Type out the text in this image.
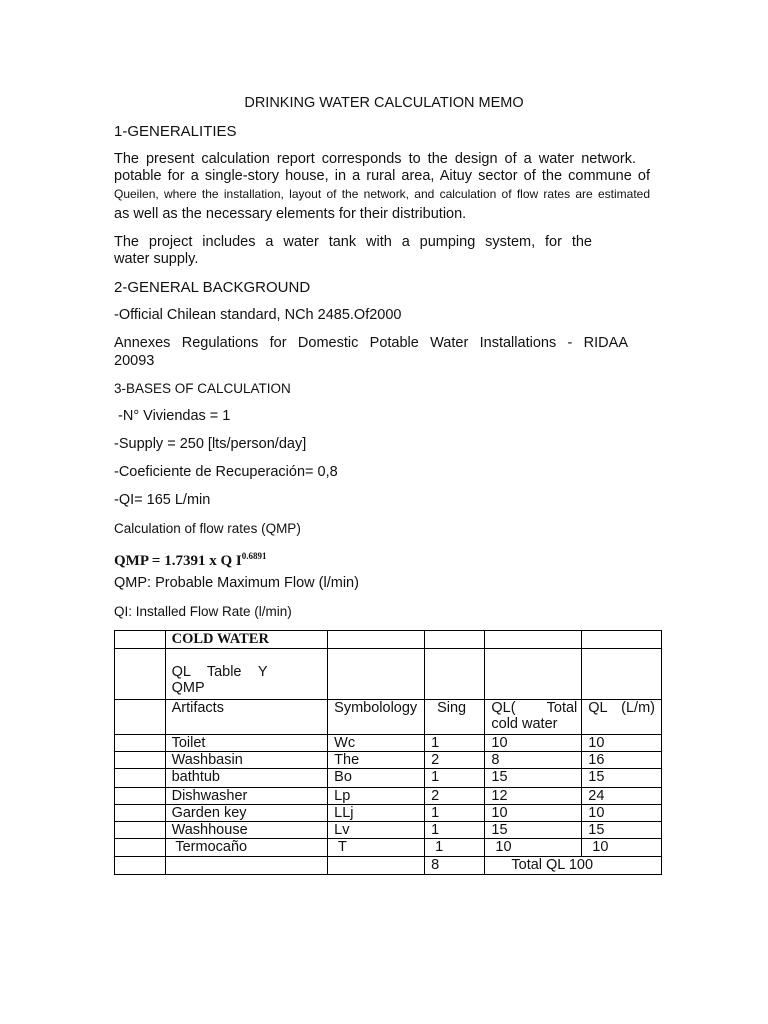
DRINKING WATER CALCULATION MEMO
1-GENERALITIES
The present calculation report corresponds to the design of a water network.
potable for a single-story house, in a rural area, Aituy sector of the commune of
Queilen, where the installation, layout of the network, and calculation of flow rates are estimated
as well as the necessary elements for their distribution.
The project includes a water tank with a pumping system, for the
water supply.
2-GENERAL BACKGROUND
-Official Chilean standard, NCh 2485.Of2000
Annexes Regulations for Domestic Potable Water Installations - RIDAA
20093
3-BASES OF CALCULATION
-N° Viviendas = 1
-Supply = 250 [lts/person/day]
-Coeficiente de Recuperación= 0,8
-QI= 165 L/min
Calculation of flow rates (QMP)
QMP = 1.7391 x Q $I^{0.6891}$
QMP: Probable Maximum Flow (l/min)
QI: Installed Flow Rate (l/min)
	COLD WATER				

	QL Table Y
QMP				

	Artifacts	Symbolology	Sing	QL( Total
cold water	QL (L/m)

	Toilet	Wc	1	10	10
	Washbasin	The	2	8	16
	bathtub	Bo	1	15	15
	Dishwasher	Lp	2	12	24
	Garden key	LLj	1	10	10
	Washhouse	Lv	1	15	15
	Termocaño	T	1	10	10
			8	Total QL 100	
